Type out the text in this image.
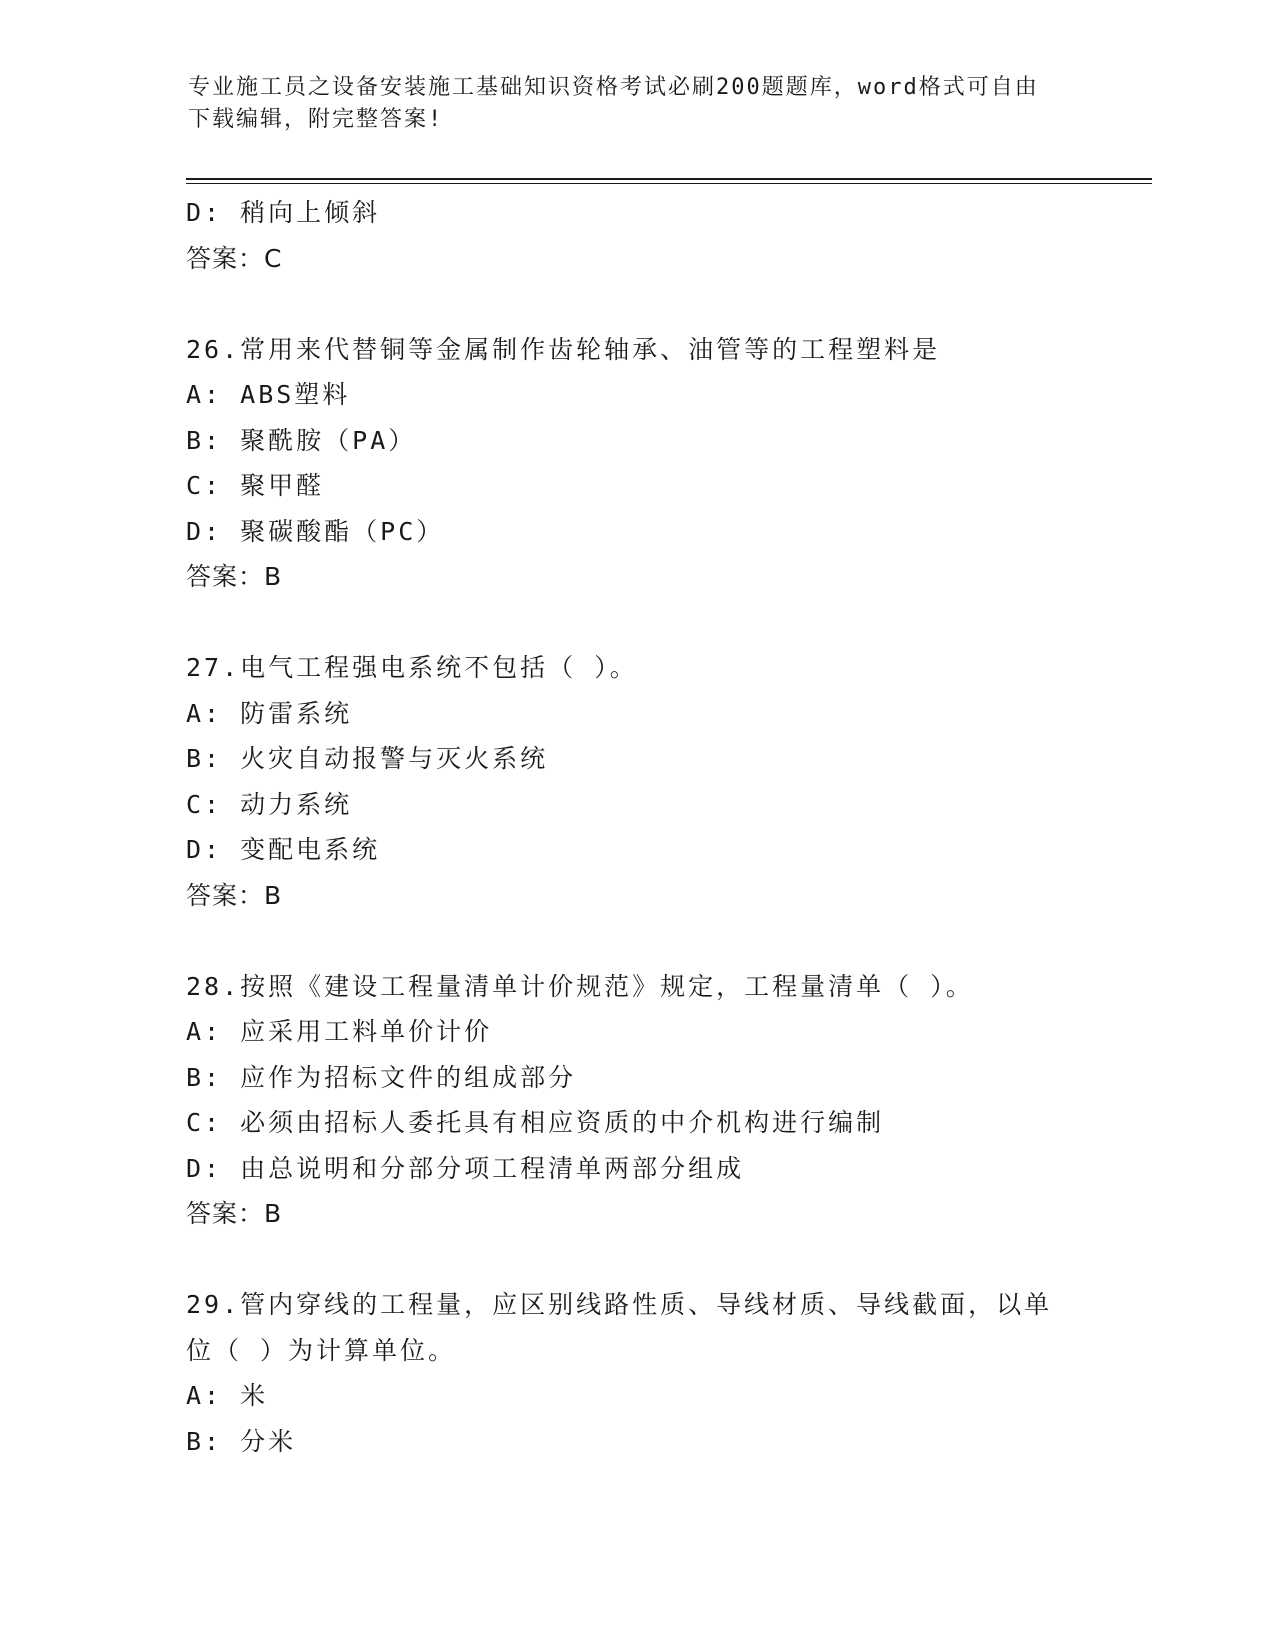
专业施工员之设备安装施工基础知识资格考试必刷200题题库，word格式可自由
下载编辑，附完整答案!
D: 稍向上倾斜
答案：C
26.常用来代替铜等金属制作齿轮轴承、油管等的工程塑料是
A: ABS塑料
B: 聚酰胺（PA）
C: 聚甲醛
D: 聚碳酸酯（PC）
答案：B
27.电气工程强电系统不包括（ ）。
A: 防雷系统
B: 火灾自动报警与灭火系统
C: 动力系统
D: 变配电系统
答案：B
28.按照《建设工程量清单计价规范》规定，工程量清单（ ）。
A: 应采用工料单价计价
B: 应作为招标文件的组成部分
C: 必须由招标人委托具有相应资质的中介机构进行编制
D: 由总说明和分部分项工程清单两部分组成
答案：B
29.管内穿线的工程量，应区别线路性质、导线材质、导线截面，以单
位（ ）为计算单位。
A: 米
B: 分米
